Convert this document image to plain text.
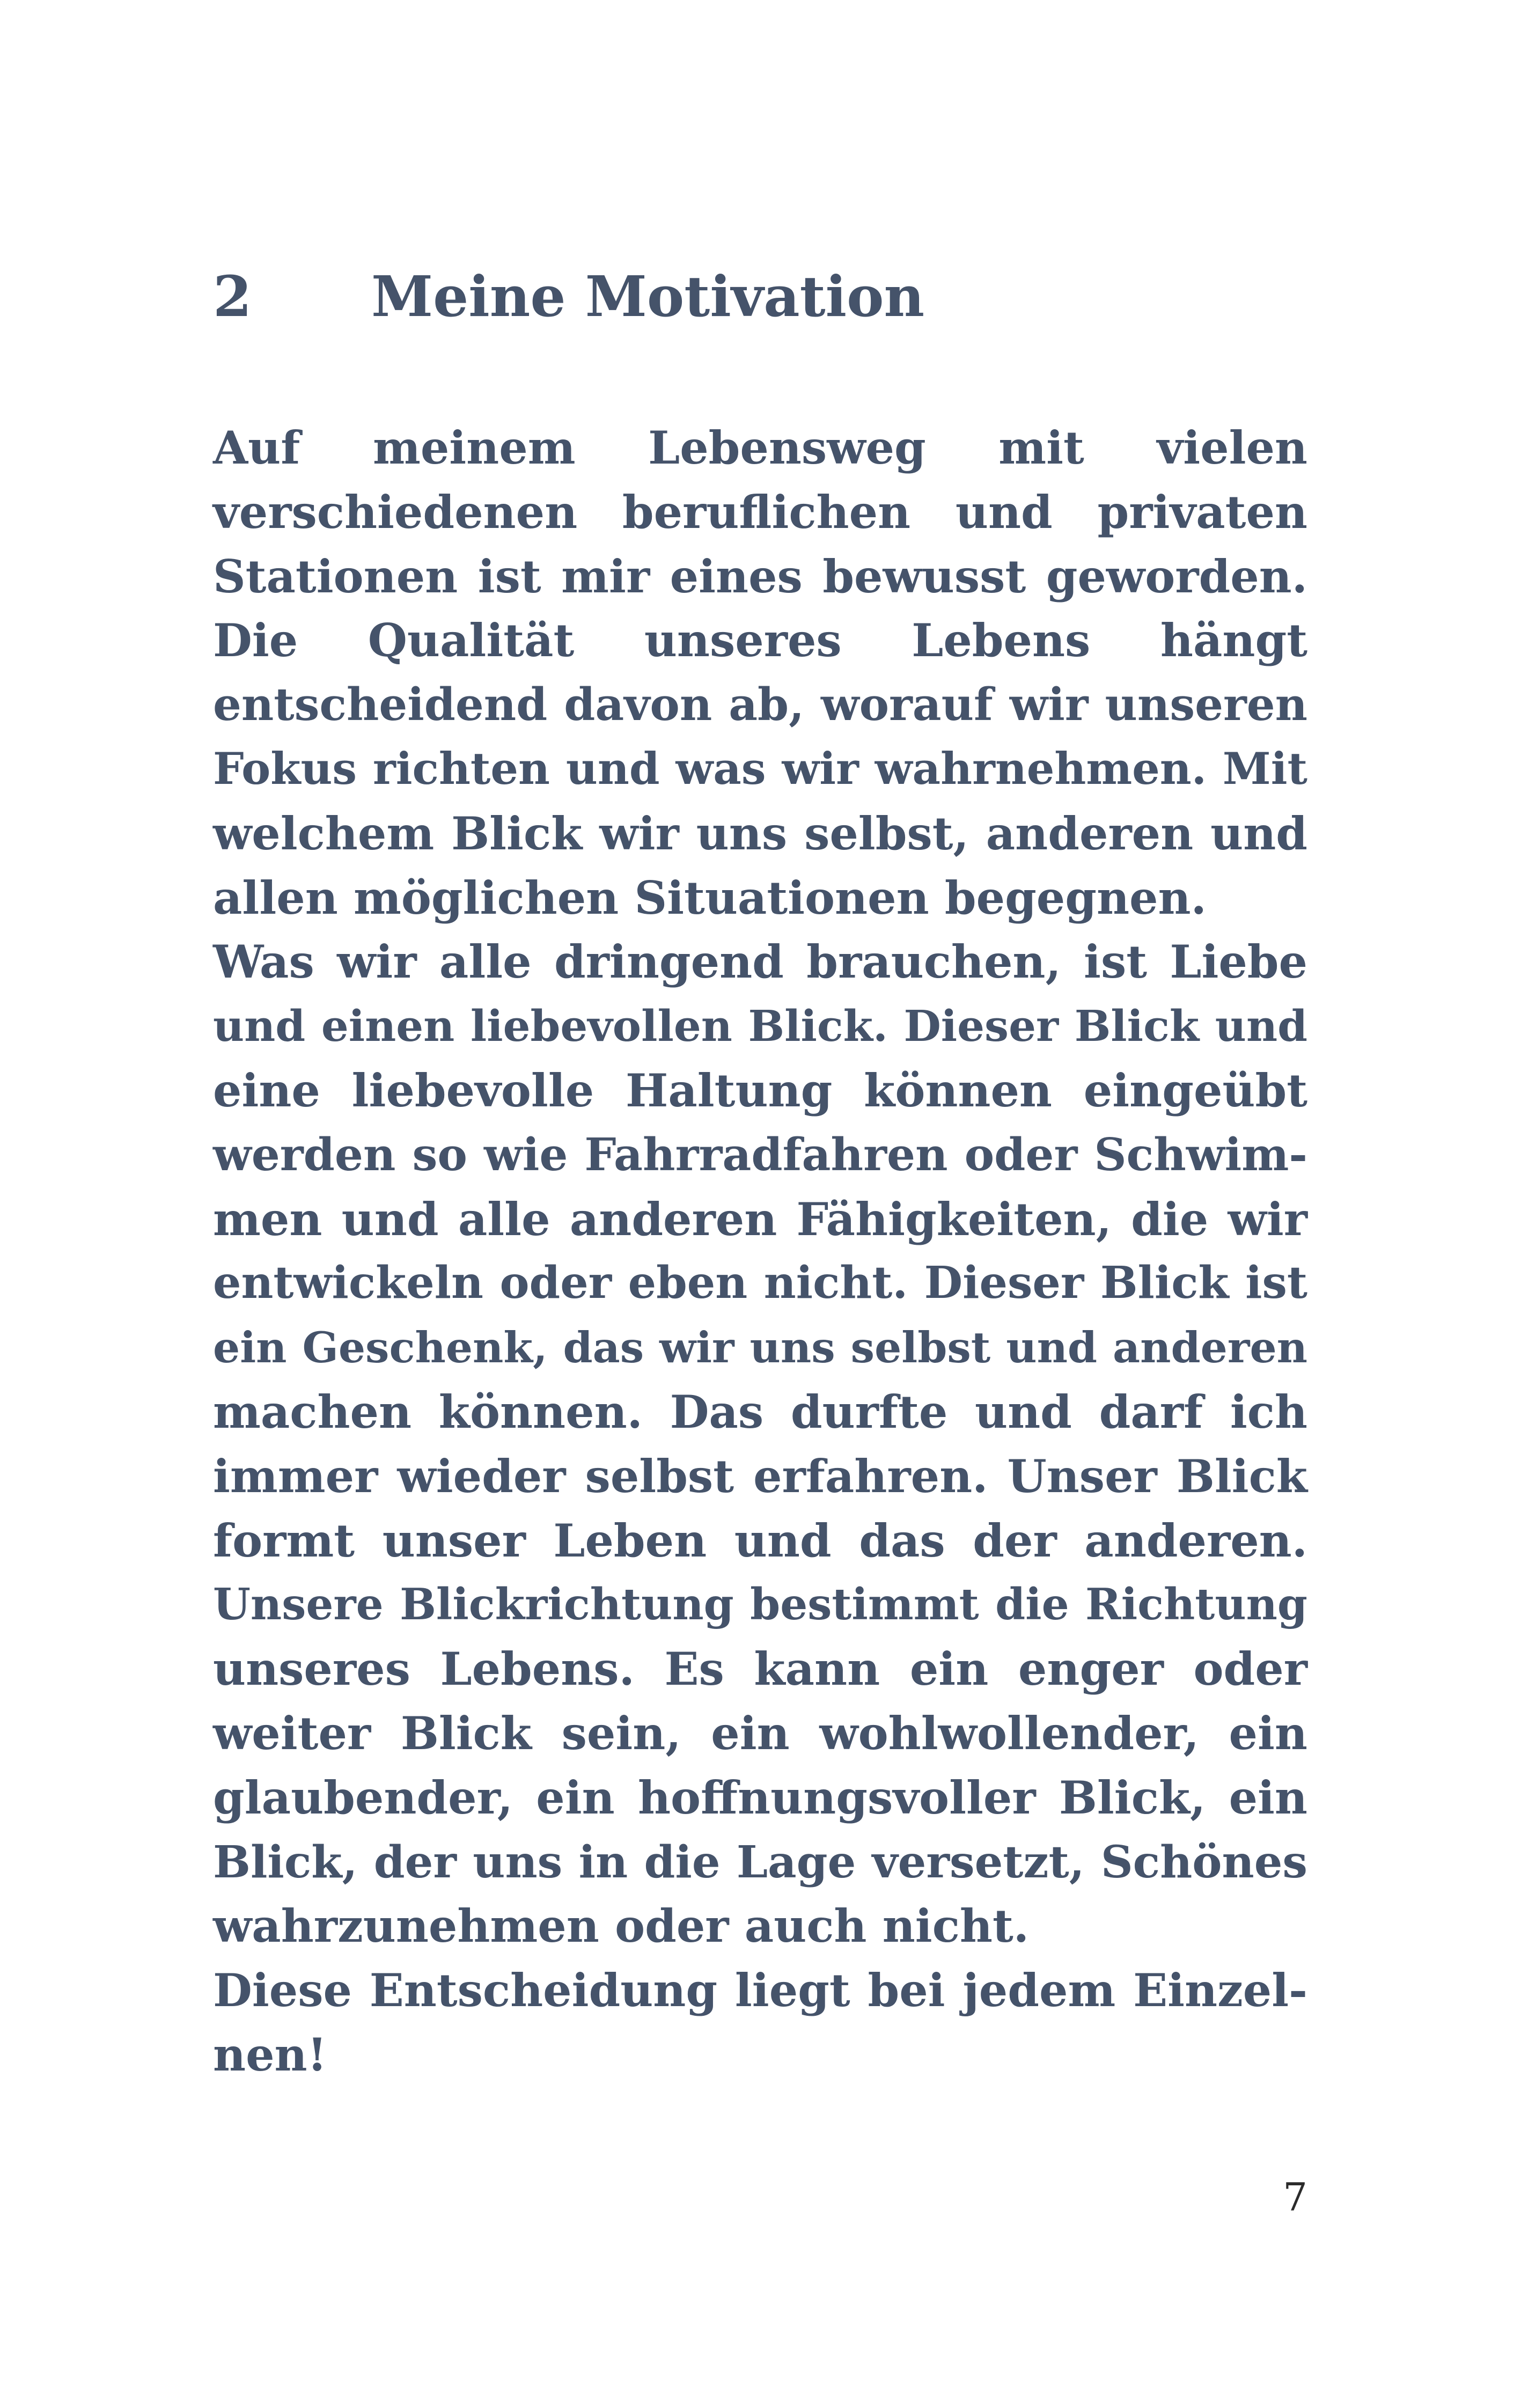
2 Meine Motivation
Auf meinem Lebensweg mit vielen
verschiedenen beruflichen und privaten
Stationen ist mir eines bewusst geworden.
Die Qualität unseres Lebens hängt
entscheidend davon ab, worauf wir unseren
Fokus richten und was wir wahrnehmen. Mit
welchem Blick wir uns selbst, anderen und
allen möglichen Situationen begegnen.
Was wir alle dringend brauchen, ist Liebe
und einen liebevollen Blick. Dieser Blick und
eine liebevolle Haltung können eingeübt
werden so wie Fahrradfahren oder Schwim-
men und alle anderen Fähigkeiten, die wir
entwickeln oder eben nicht. Dieser Blick ist
ein Geschenk, das wir uns selbst und anderen
machen können. Das durfte und darf ich
immer wieder selbst erfahren. Unser Blick
formt unser Leben und das der anderen.
Unsere Blickrichtung bestimmt die Richtung
unseres Lebens. Es kann ein enger oder
weiter Blick sein, ein wohlwollender, ein
glaubender, ein hoffnungsvoller Blick, ein
Blick, der uns in die Lage versetzt, Schönes
wahrzunehmen oder auch nicht.
Diese Entscheidung liegt bei jedem Einzel-
nen!
7
